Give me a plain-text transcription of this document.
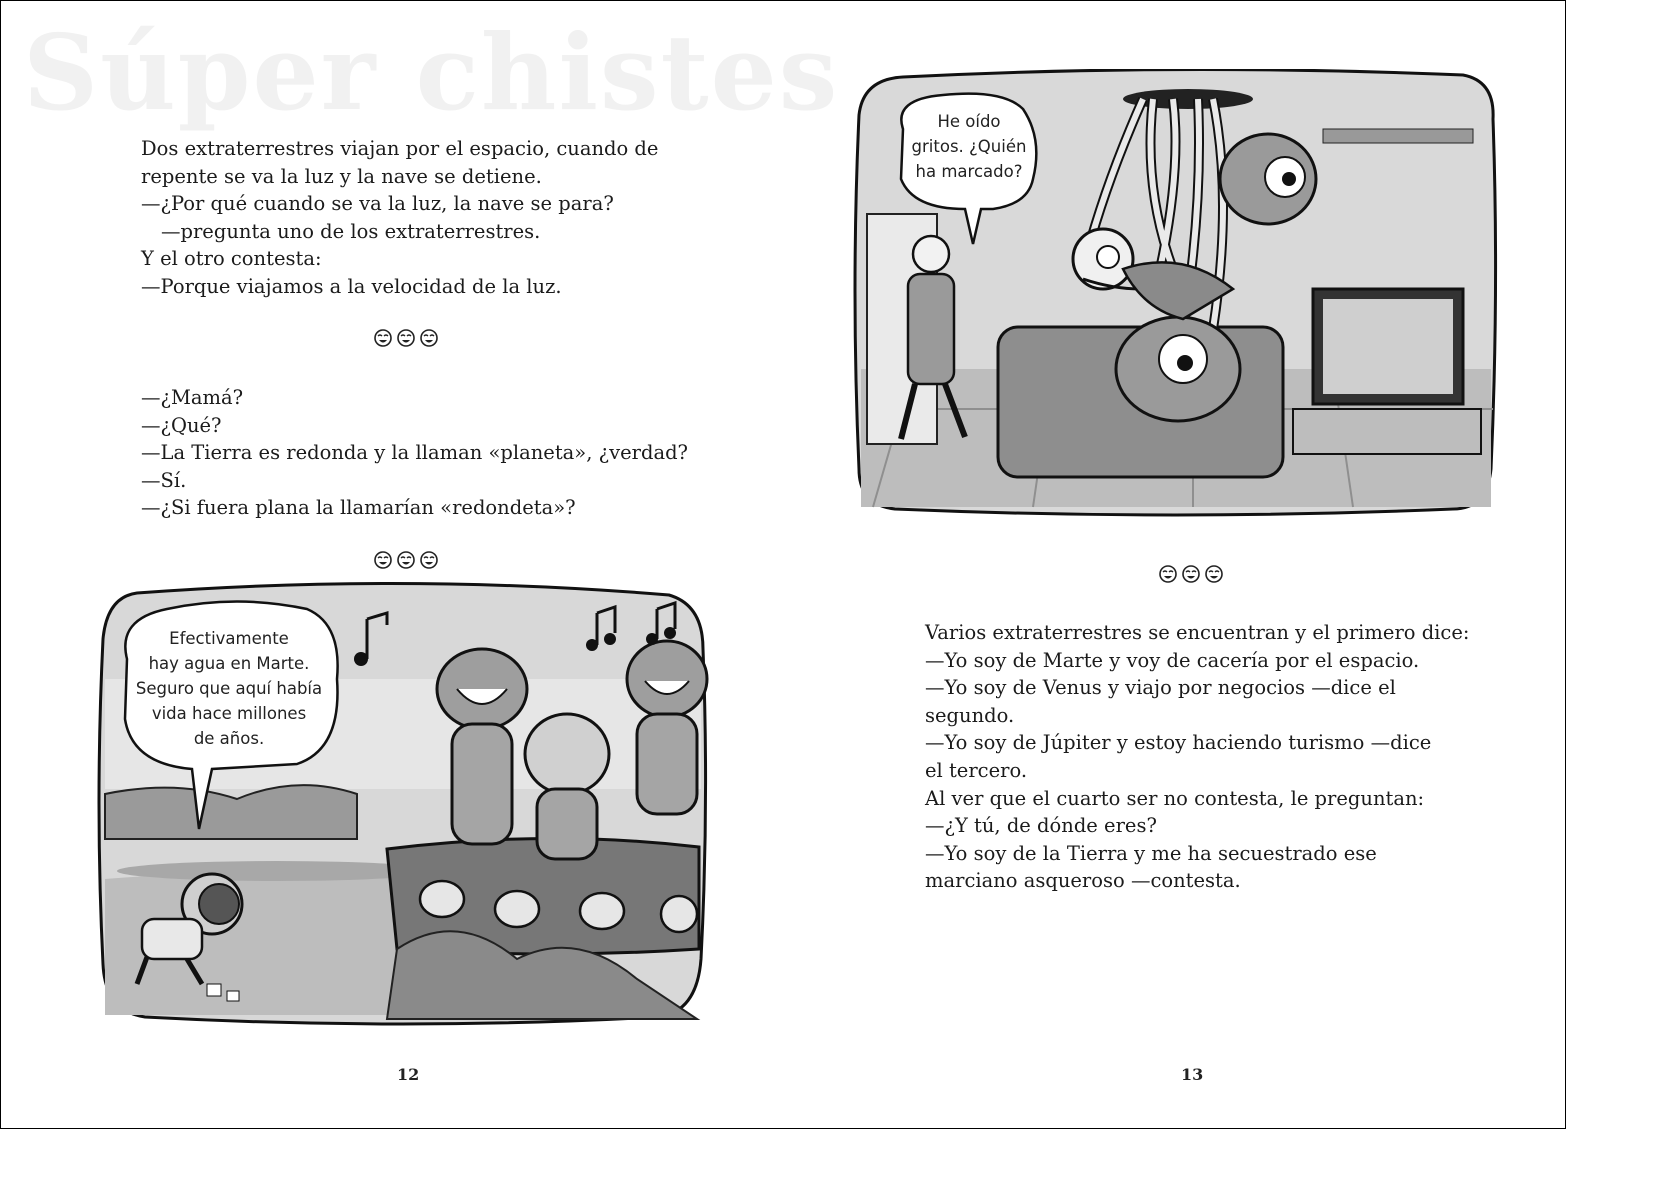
Súper chistes
Dos extraterrestres viajan por el espacio, cuando de
repente se va la luz y la nave se detiene.
—¿Por qué cuando se va la luz, la nave se para?
—pregunta uno de los extraterrestres.
Y el otro contesta:
—Porque viajamos a la velocidad de la luz.
—¿Mamá?
—¿Qué?
—La Tierra es redonda y la llaman «planeta», ¿verdad?
—Sí.
—¿Si fuera plana la llamarían «redondeta»?
Efectivamente
hay agua en Marte.
Seguro que aquí había
vida hace millones
de años.
12
He oído
gritos. ¿Quién
ha marcado?
Varios extraterrestres se encuentran y el primero dice:
—Yo soy de Marte y voy de cacería por el espacio.
—Yo soy de Venus y viajo por negocios —dice el
segundo.
—Yo soy de Júpiter y estoy haciendo turismo —dice
el tercero.
Al ver que el cuarto ser no contesta, le preguntan:
—¿Y tú, de dónde eres?
—Yo soy de la Tierra y me ha secuestrado ese
marciano asqueroso —contesta.
13
